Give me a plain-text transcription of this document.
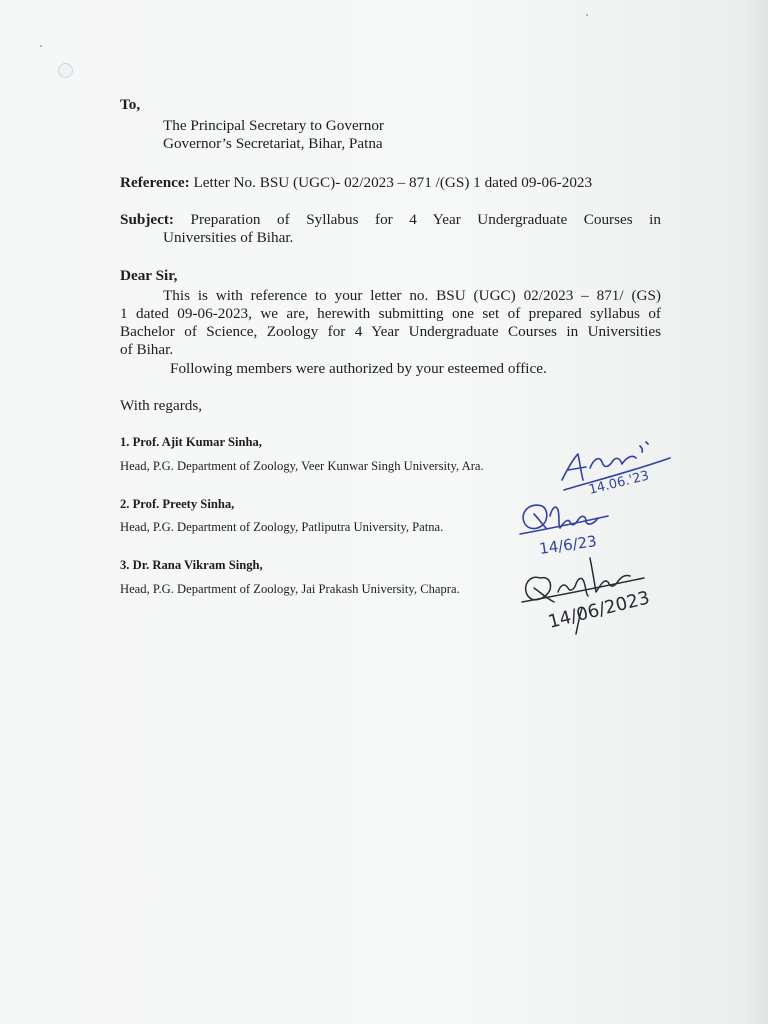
To,
The Principal Secretary to Governor
Governor’s Secretariat, Bihar, Patna
Reference: Letter No. BSU (UGC)- 02/2023 – 871 /(GS) 1 dated 09-06-2023
Subject: Preparation of Syllabus for 4 Year Undergraduate Courses in
Universities of Bihar.
Dear Sir,
This is with reference to your letter no. BSU (UGC) 02/2023 – 871/ (GS)
1 dated 09-06-2023, we are, herewith submitting one set of prepared syllabus of
Bachelor of Science, Zoology for 4 Year Undergraduate Courses in Universities
of Bihar.
Following members were authorized by your esteemed office.
With regards,
1. Prof. Ajit Kumar Sinha,
Head, P.G. Department of Zoology, Veer Kunwar Singh University, Ara.
2. Prof. Preety Sinha,
Head, P.G. Department of Zoology, Patliputra University, Patna.
3. Dr. Rana Vikram Singh,
Head, P.G. Department of Zoology, Jai Prakash University, Chapra.
14.06.'23
14/6/23
14/06/2023
